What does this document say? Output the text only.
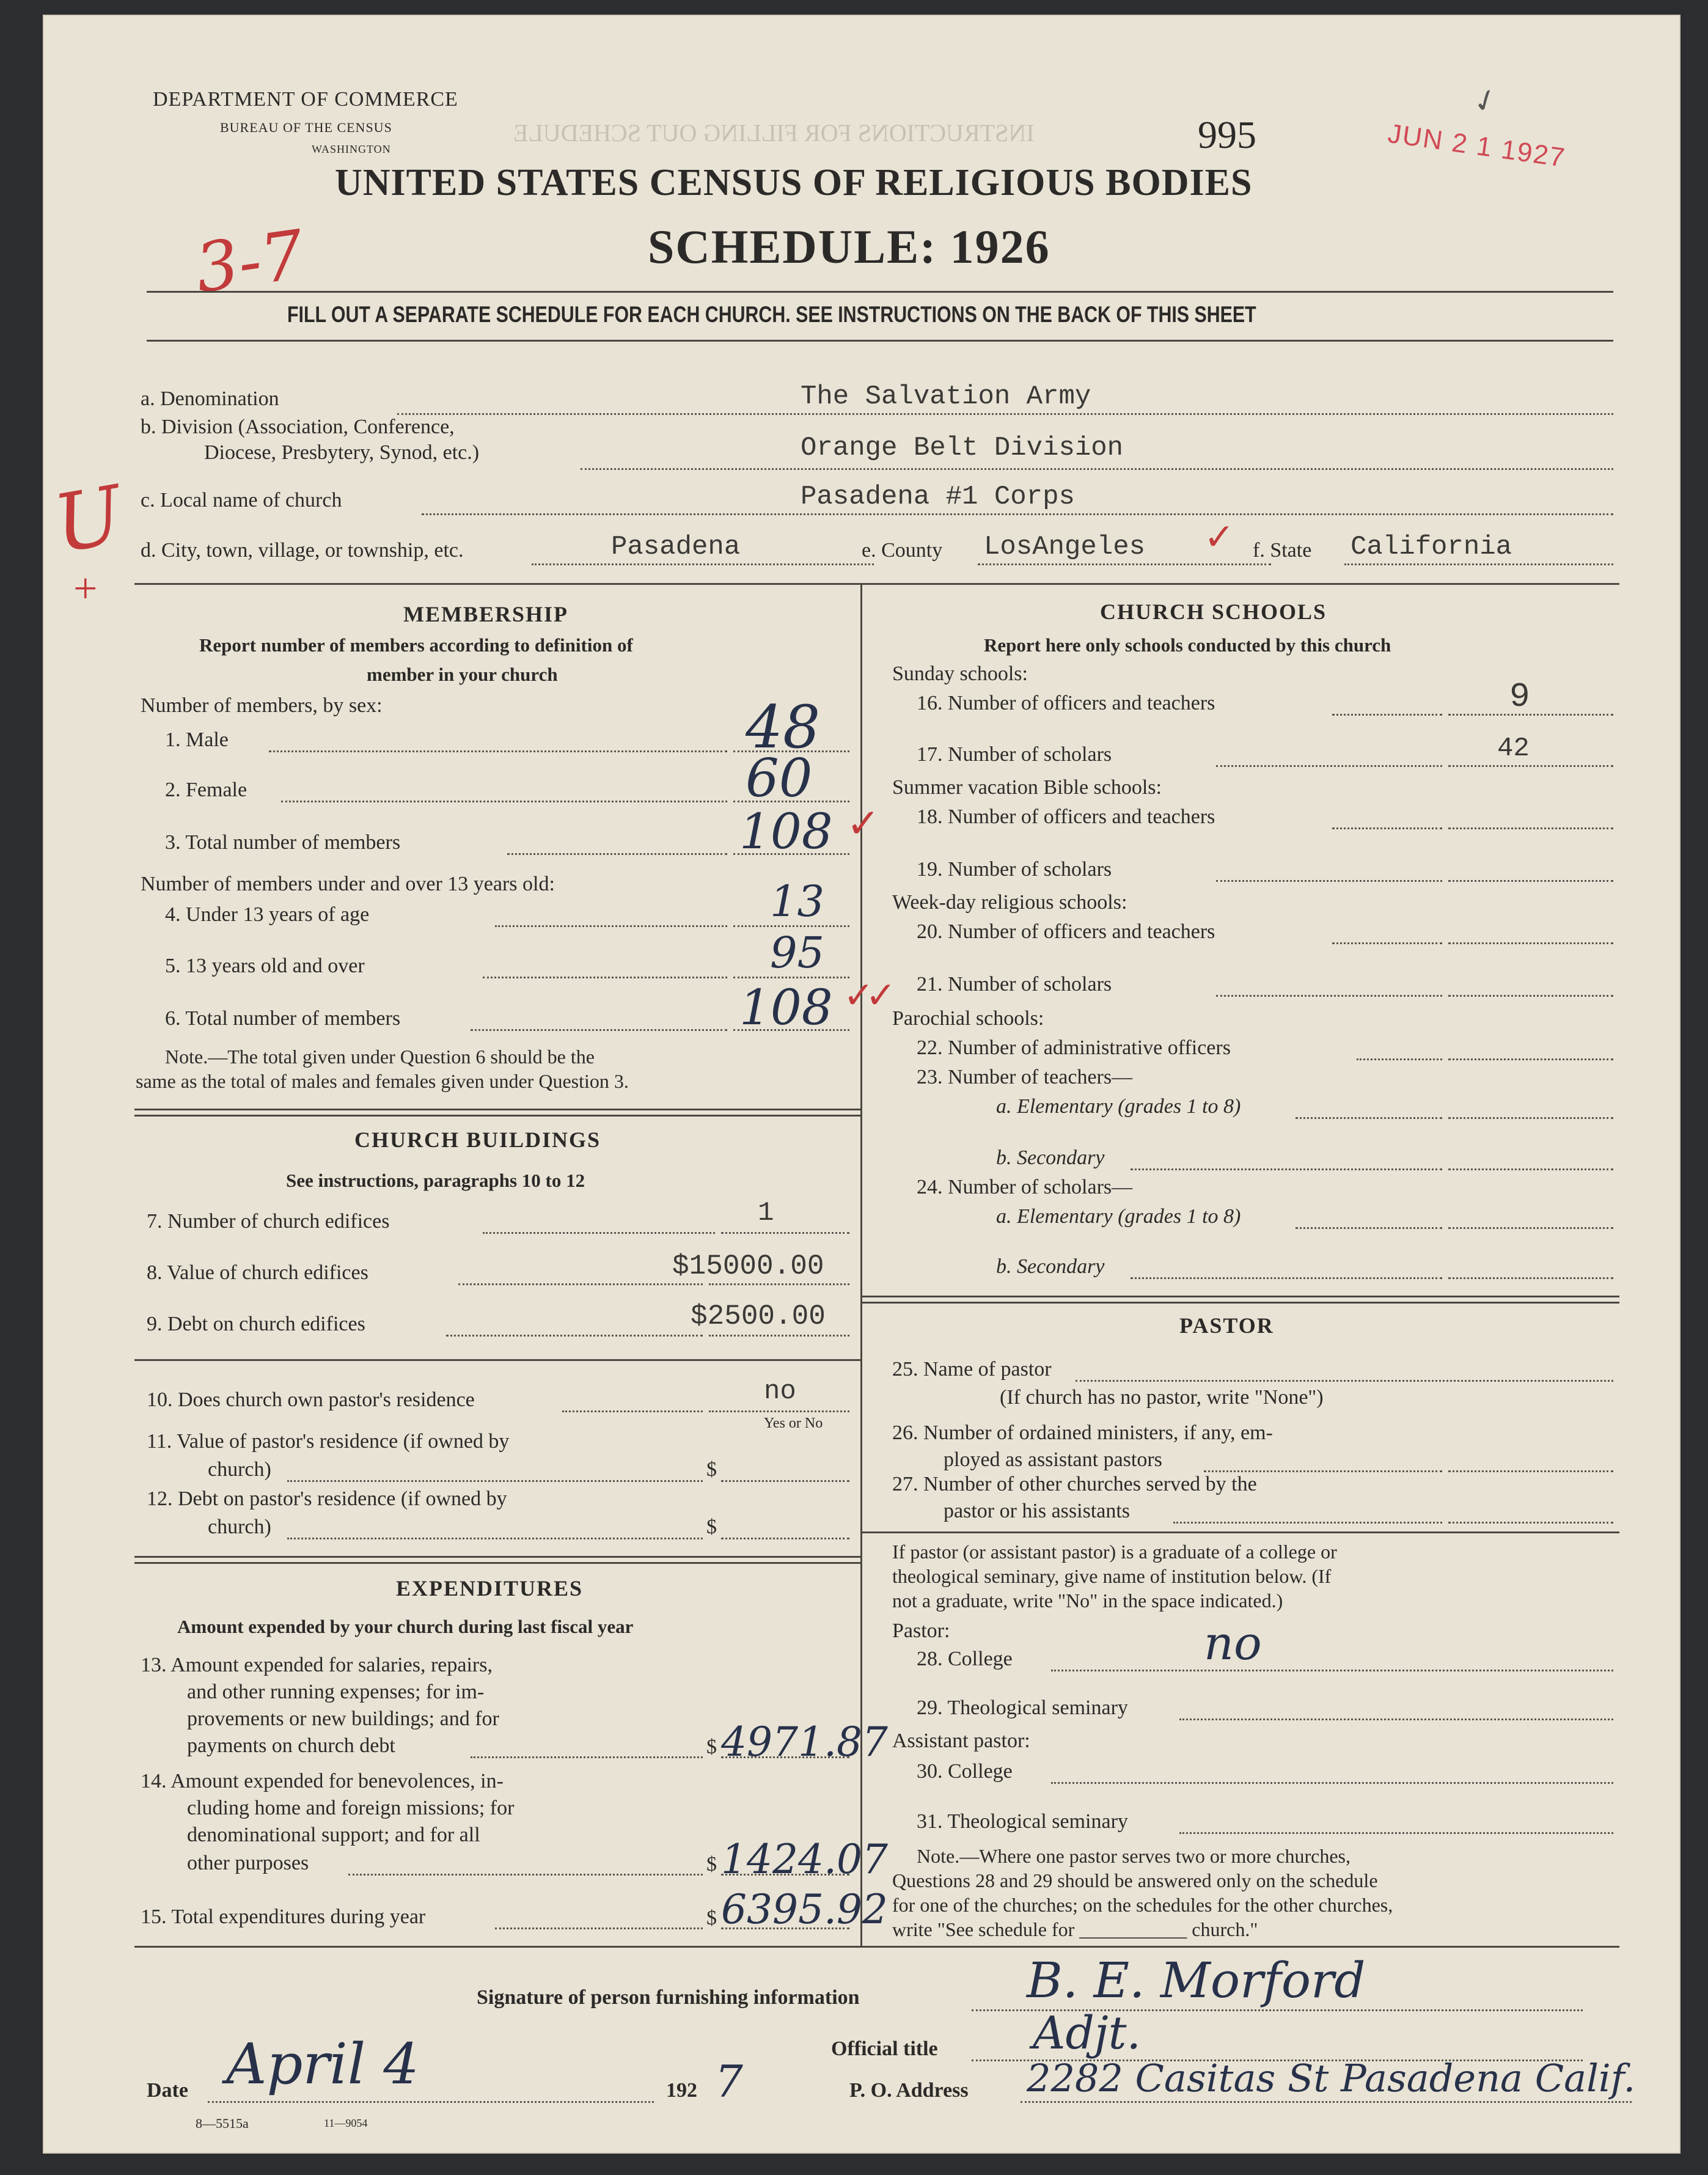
INSTRUCTIONS FOR FILLING OUT SCHEDULE
DEPARTMENT OF COMMERCE
BUREAU OF THE CENSUS
WASHINGTON	995	JUN 2 1 1927
✓
UNITED STATES CENSUS OF RELIGIOUS BODIES
SCHEDULE: 1926
3-7
FILL OUT A SEPARATE SCHEDULE FOR EACH CHURCH. SEE INSTRUCTIONS ON THE BACK OF THIS SHEET
a. Denomination	The Salvation Army
b. Division (Association, Conference,
Diocese, Presbytery, Synod, etc.)	Orange Belt Division
c. Local name of church	Pasadena #1 Corps
U
+
d. City, town, village, or township, etc.	Pasadena	e. County LosAngeles ✓ f. State California
MEMBERSHIP
Report number of members according to definition of
member in your church
Number of members, by sex:
1. Male	48
2. Female	60
3. Total number of members	108 ✓
Number of members under and over 13 years old:
4. Under 13 years of age	13
5. 13 years old and over	95
6. Total number of members	108 ✓✓
Note.—The total given under Question 6 should be the
same as the total of males and females given under Question 3.
CHURCH BUILDINGS
See instructions, paragraphs 10 to 12
7. Number of church edifices	1
8. Value of church edifices	$15000.00
9. Debt on church edifices	$2500.00
10. Does church own pastor's residence	no
Yes or No
11. Value of pastor's residence (if owned by
church)	$
12. Debt on pastor's residence (if owned by
church)	$
EXPENDITURES
Amount expended by your church during last fiscal year
13. Amount expended for salaries, repairs,
and other running expenses; for im-
provements or new buildings; and for
payments on church debt	$ 4971.87
14. Amount expended for benevolences, in-
cluding home and foreign missions; for
denominational support; and for all
other purposes	$ 1424.07
15. Total expenditures during year	$ 6395.92
CHURCH SCHOOLS
Report here only schools conducted by this church
Sunday schools:
16. Number of officers and teachers	9
17. Number of scholars	42
Summer vacation Bible schools:
18. Number of officers and teachers
19. Number of scholars
Week-day religious schools:
20. Number of officers and teachers
21. Number of scholars
Parochial schools:
22. Number of administrative officers
23. Number of teachers—
a. Elementary (grades 1 to 8)
b. Secondary
24. Number of scholars—
a. Elementary (grades 1 to 8)
b. Secondary
PASTOR
25. Name of pastor
(If church has no pastor, write "None")
26. Number of ordained ministers, if any, em-
ployed as assistant pastors
27. Number of other churches served by the
pastor or his assistants
If pastor (or assistant pastor) is a graduate of a college or
theological seminary, give name of institution below. (If
not a graduate, write "No" in the space indicated.)
Pastor:
28. College	no
29. Theological seminary
Assistant pastor:
30. College
31. Theological seminary
Note.—Where one pastor serves two or more churches,
Questions 28 and 29 should be answered only on the schedule
for one of the churches; on the schedules for the other churches,
write "See schedule for ___________ church."
Signature of person furnishing information	B. E. Morford
Official title Adjt.
Date April 4	192 7	P. O. Address 2282 Casitas St Pasadena Calif.
8—5515a	11—9054
